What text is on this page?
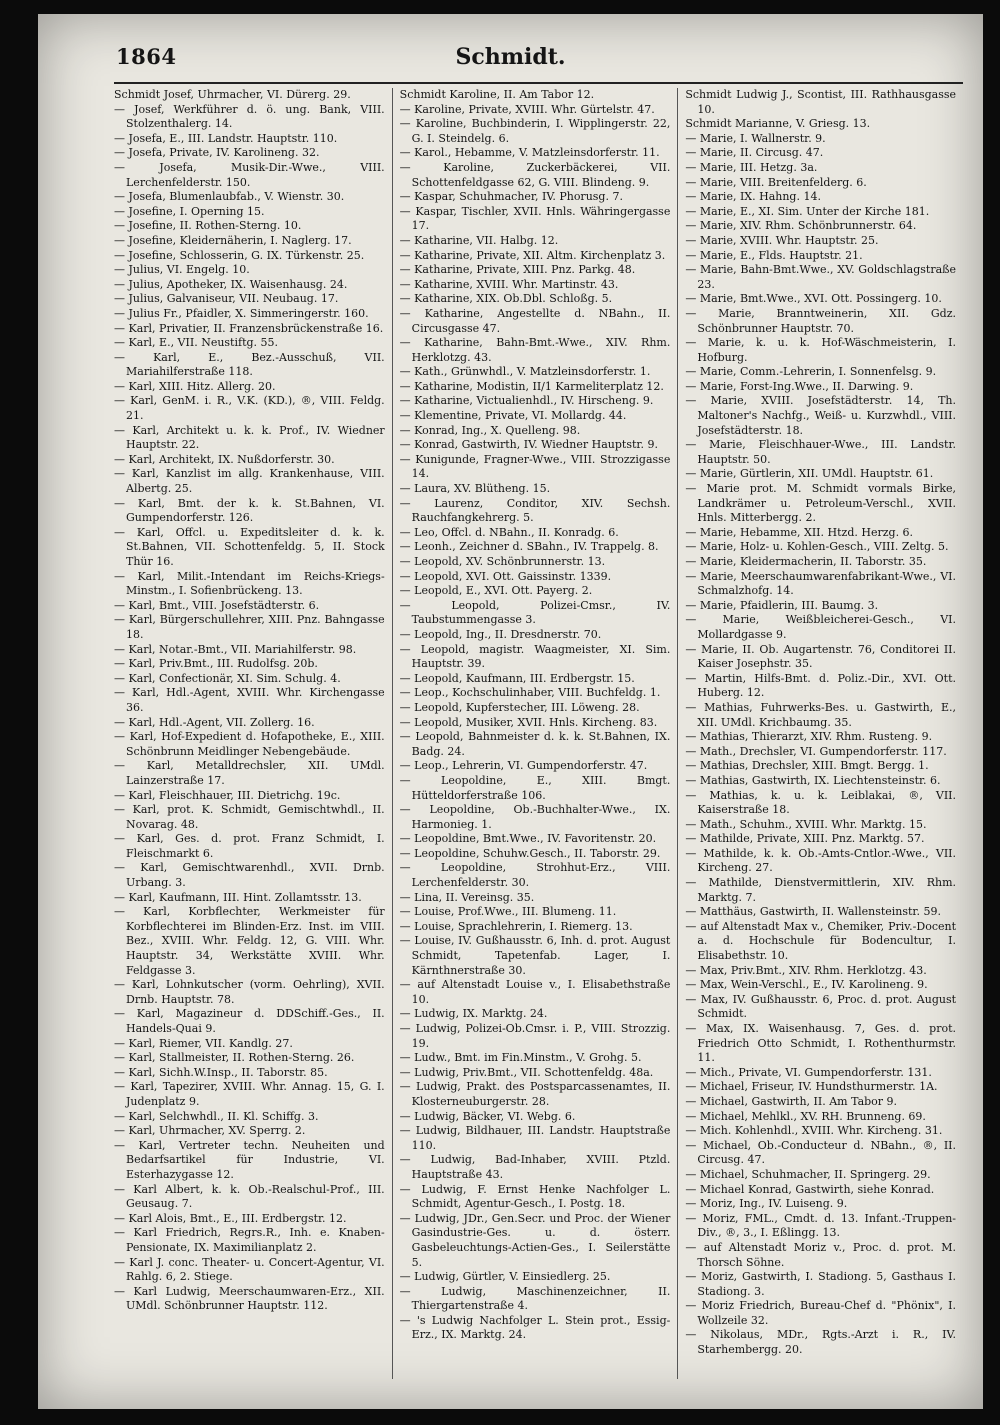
1864	Schmidt.
Schmidt Josef, Uhrmacher, VI. Dürerg. 29.
— Josef, Werkführer d. ö. ung. Bank, VIII. Stolzenthalerg. 14.
— Josefa, E., III. Landstr. Hauptstr. 110.
— Josefa, Private, IV. Karolineng. 32.
— Josefa, Musik-Dir.-Wwe., VIII. Lerchenfelderstr. 150.
— Josefa, Blumenlaubfab., V. Wienstr. 30.
— Josefine, I. Operning 15.
— Josefine, II. Rothen-Sterng. 10.
— Josefine, Kleidernäherin, I. Naglerg. 17.
— Josefine, Schlosserin, G. IX. Türkenstr. 25.
— Julius, VI. Engelg. 10.
— Julius, Apotheker, IX. Waisenhausg. 24.
— Julius, Galvaniseur, VII. Neubaug. 17.
— Julius Fr., Pfaidler, X. Simmeringerstr. 160.
— Karl, Privatier, II. Franzensbrückenstraße 16.
— Karl, E., VII. Neustiftg. 55.
— Karl, E., Bez.-Ausschuß, VII. Mariahilferstraße 118.
— Karl, XIII. Hitz. Allerg. 20.
— Karl, GenM. i. R., V.K. (KD.), ®, VIII. Feldg. 21.
— Karl, Architekt u. k. k. Prof., IV. Wiedner Hauptstr. 22.
— Karl, Architekt, IX. Nußdorferstr. 30.
— Karl, Kanzlist im allg. Krankenhause, VIII. Albertg. 25.
— Karl, Bmt. der k. k. St.Bahnen, VI. Gumpendorferstr. 126.
— Karl, Offcl. u. Expeditsleiter d. k. k. St.Bahnen, VII. Schottenfeldg. 5, II. Stock Thür 16.
— Karl, Milit.-Intendant im Reichs-Kriegs-Minstm., I. Sofienbrückeng. 13.
— Karl, Bmt., VIII. Josefstädterstr. 6.
— Karl, Bürgerschullehrer, XIII. Pnz. Bahngasse 18.
— Karl, Notar.-Bmt., VII. Mariahilferstr. 98.
— Karl, Priv.Bmt., III. Rudolfsg. 20b.
— Karl, Confectionär, XI. Sim. Schulg. 4.
— Karl, Hdl.-Agent, XVIII. Whr. Kirchengasse 36.
— Karl, Hdl.-Agent, VII. Zollerg. 16.
— Karl, Hof-Expedient d. Hofapotheke, E., XIII. Schönbrunn Meidlinger Nebengebäude.
— Karl, Metalldrechsler, XII. UMdl. Lainzerstraße 17.
— Karl, Fleischhauer, III. Dietrichg. 19c.
— Karl, prot. K. Schmidt, Gemischtwhdl., II. Novarag. 48.
— Karl, Ges. d. prot. Franz Schmidt, I. Fleischmarkt 6.
— Karl, Gemischtwarenhdl., XVII. Drnb. Urbang. 3.
— Karl, Kaufmann, III. Hint. Zollamtsstr. 13.
— Karl, Korbflechter, Werkmeister für Korbflechterei im Blinden-Erz. Inst. im VIII. Bez., XVIII. Whr. Feldg. 12, G. VIII. Whr. Hauptstr. 34, Werkstätte XVIII. Whr. Feldgasse 3.
— Karl, Lohnkutscher (vorm. Oehrling), XVII. Drnb. Hauptstr. 78.
— Karl, Magazineur d. DDSchiff.-Ges., II. Handels-Quai 9.
— Karl, Riemer, VII. Kandlg. 27.
— Karl, Stallmeister, II. Rothen-Sterng. 26.
— Karl, Sichh.W.Insp., II. Taborstr. 85.
— Karl, Tapezirer, XVIII. Whr. Annag. 15, G. I. Judenplatz 9.
— Karl, Selchwhdl., II. Kl. Schiffg. 3.
— Karl, Uhrmacher, XV. Sperrg. 2.
— Karl, Vertreter techn. Neuheiten und Bedarfsartikel für Industrie, VI. Esterhazygasse 12.
— Karl Albert, k. k. Ob.-Realschul-Prof., III. Geusaug. 7.
— Karl Alois, Bmt., E., III. Erdbergstr. 12.
— Karl Friedrich, Regrs.R., Inh. e. Knaben-Pensionate, IX. Maximilianplatz 2.
— Karl J. conc. Theater- u. Concert-Agentur, VI. Rahlg. 6, 2. Stiege.
— Karl Ludwig, Meerschaumwaren-Erz., XII. UMdl. Schönbrunner Hauptstr. 112.
Schmidt Karoline, II. Am Tabor 12.
— Karoline, Private, XVIII. Whr. Gürtelstr. 47.
— Karoline, Buchbinderin, I. Wipplingerstr. 22, G. I. Steindelg. 6.
— Karol., Hebamme, V. Matzleinsdorferstr. 11.
— Karoline, Zuckerbäckerei, VII. Schottenfeldgasse 62, G. VIII. Blindeng. 9.
— Kaspar, Schuhmacher, IV. Phorusg. 7.
— Kaspar, Tischler, XVII. Hnls. Währingergasse 17.
— Katharine, VII. Halbg. 12.
— Katharine, Private, XII. Altm. Kirchenplatz 3.
— Katharine, Private, XIII. Pnz. Parkg. 48.
— Katharine, XVIII. Whr. Martinstr. 43.
— Katharine, XIX. Ob.Dbl. Schloßg. 5.
— Katharine, Angestellte d. NBahn., II. Circusgasse 47.
— Katharine, Bahn-Bmt.-Wwe., XIV. Rhm. Herklotzg. 43.
— Kath., Grünwhdl., V. Matzleinsdorferstr. 1.
— Katharine, Modistin, II/1 Karmeliterplatz 12.
— Katharine, Victualienhdl., IV. Hirscheng. 9.
— Klementine, Private, VI. Mollardg. 44.
— Konrad, Ing., X. Quelleng. 98.
— Konrad, Gastwirth, IV. Wiedner Hauptstr. 9.
— Kunigunde, Fragner-Wwe., VIII. Strozzigasse 14.
— Laura, XV. Blütheng. 15.
— Laurenz, Conditor, XIV. Sechsh. Rauchfangkehrerg. 5.
— Leo, Offcl. d. NBahn., II. Konradg. 6.
— Leonh., Zeichner d. SBahn., IV. Trappelg. 8.
— Leopold, XV. Schönbrunnerstr. 13.
— Leopold, XVI. Ott. Gaissinstr. 1339.
— Leopold, E., XVI. Ott. Payerg. 2.
— Leopold, Polizei-Cmsr., IV. Taubstummengasse 3.
— Leopold, Ing., II. Dresdnerstr. 70.
— Leopold, magistr. Waagmeister, XI. Sim. Hauptstr. 39.
— Leopold, Kaufmann, III. Erdbergstr. 15.
— Leop., Kochschulinhaber, VIII. Buchfeldg. 1.
— Leopold, Kupferstecher, III. Löweng. 28.
— Leopold, Musiker, XVII. Hnls. Kircheng. 83.
— Leopold, Bahnmeister d. k. k. St.Bahnen, IX. Badg. 24.
— Leop., Lehrerin, VI. Gumpendorferstr. 47.
— Leopoldine, E., XIII. Bmgt. Hütteldorferstraße 106.
— Leopoldine, Ob.-Buchhalter-Wwe., IX. Harmonieg. 1.
— Leopoldine, Bmt.Wwe., IV. Favoritenstr. 20.
— Leopoldine, Schuhw.Gesch., II. Taborstr. 29.
— Leopoldine, Strohhut-Erz., VIII. Lerchenfelderstr. 30.
— Lina, II. Vereinsg. 35.
— Louise, Prof.Wwe., III. Blumeng. 11.
— Louise, Sprachlehrerin, I. Riemerg. 13.
— Louise, IV. Gußhausstr. 6, Inh. d. prot. August Schmidt, Tapetenfab. Lager, I. Kärnthnerstraße 30.
— auf Altenstadt Louise v., I. Elisabethstraße 10.
— Ludwig, IX. Marktg. 24.
— Ludwig, Polizei-Ob.Cmsr. i. P., VIII. Strozzig. 19.
— Ludw., Bmt. im Fin.Minstm., V. Grohg. 5.
— Ludwig, Priv.Bmt., VII. Schottenfeldg. 48a.
— Ludwig, Prakt. des Postsparcassenamtes, II. Klosterneuburgerstr. 28.
— Ludwig, Bäcker, VI. Webg. 6.
— Ludwig, Bildhauer, III. Landstr. Hauptstraße 110.
— Ludwig, Bad-Inhaber, XVIII. Ptzld. Hauptstraße 43.
— Ludwig, F. Ernst Henke Nachfolger L. Schmidt, Agentur-Gesch., I. Postg. 18.
— Ludwig, JDr., Gen.Secr. und Proc. der Wiener Gasindustrie-Ges. u. d. österr. Gasbeleuchtungs-Actien-Ges., I. Seilerstätte 5.
— Ludwig, Gürtler, V. Einsiedlerg. 25.
— Ludwig, Maschinenzeichner, II. Thiergartenstraße 4.
— 's Ludwig Nachfolger L. Stein prot., Essig-Erz., IX. Marktg. 24.
Schmidt Ludwig J., Scontist, III. Rathhausgasse 10.
Schmidt Marianne, V. Griesg. 13.
— Marie, I. Wallnerstr. 9.
— Marie, II. Circusg. 47.
— Marie, III. Hetzg. 3a.
— Marie, VIII. Breitenfelderg. 6.
— Marie, IX. Hahng. 14.
— Marie, E., XI. Sim. Unter der Kirche 181.
— Marie, XIV. Rhm. Schönbrunnerstr. 64.
— Marie, XVIII. Whr. Hauptstr. 25.
— Marie, E., Flds. Hauptstr. 21.
— Marie, Bahn-Bmt.Wwe., XV. Goldschlagstraße 23.
— Marie, Bmt.Wwe., XVI. Ott. Possingerg. 10.
— Marie, Branntweinerin, XII. Gdz. Schönbrunner Hauptstr. 70.
— Marie, k. u. k. Hof-Wäschmeisterin, I. Hofburg.
— Marie, Comm.-Lehrerin, I. Sonnenfelsg. 9.
— Marie, Forst-Ing.Wwe., II. Darwing. 9.
— Marie, XVIII. Josefstädterstr. 14, Th. Maltoner's Nachfg., Weiß- u. Kurzwhdl., VIII. Josefstädterstr. 18.
— Marie, Fleischhauer-Wwe., III. Landstr. Hauptstr. 50.
— Marie, Gürtlerin, XII. UMdl. Hauptstr. 61.
— Marie prot. M. Schmidt vormals Birke, Landkrämer u. Petroleum-Verschl., XVII. Hnls. Mitterbergg. 2.
— Marie, Hebamme, XII. Htzd. Herzg. 6.
— Marie, Holz- u. Kohlen-Gesch., VIII. Zeltg. 5.
— Marie, Kleidermacherin, II. Taborstr. 35.
— Marie, Meerschaumwarenfabrikant-Wwe., VI. Schmalzhofg. 14.
— Marie, Pfaidlerin, III. Baumg. 3.
— Marie, Weißbleicherei-Gesch., VI. Mollardgasse 9.
— Marie, II. Ob. Augartenstr. 76, Conditorei II. Kaiser Josephstr. 35.
— Martin, Hilfs-Bmt. d. Poliz.-Dir., XVI. Ott. Huberg. 12.
— Mathias, Fuhrwerks-Bes. u. Gastwirth, E., XII. UMdl. Krichbaumg. 35.
— Mathias, Thierarzt, XIV. Rhm. Rusteng. 9.
— Math., Drechsler, VI. Gumpendorferstr. 117.
— Mathias, Drechsler, XIII. Bmgt. Bergg. 1.
— Mathias, Gastwirth, IX. Liechtensteinstr. 6.
— Mathias, k. u. k. Leiblakai, ®, VII. Kaiserstraße 18.
— Math., Schuhm., XVIII. Whr. Marktg. 15.
— Mathilde, Private, XIII. Pnz. Marktg. 57.
— Mathilde, k. k. Ob.-Amts-Cntlor.-Wwe., VII. Kircheng. 27.
— Mathilde, Dienstvermittlerin, XIV. Rhm. Marktg. 7.
— Matthäus, Gastwirth, II. Wallensteinstr. 59.
— auf Altenstadt Max v., Chemiker, Priv.-Docent a. d. Hochschule für Bodencultur, I. Elisabethstr. 10.
— Max, Priv.Bmt., XIV. Rhm. Herklotzg. 43.
— Max, Wein-Verschl., E., IV. Karolineng. 9.
— Max, IV. Gußhausstr. 6, Proc. d. prot. August Schmidt.
— Max, IX. Waisenhausg. 7, Ges. d. prot. Friedrich Otto Schmidt, I. Rothenthurmstr. 11.
— Mich., Private, VI. Gumpendorferstr. 131.
— Michael, Friseur, IV. Hundsthurmerstr. 1A.
— Michael, Gastwirth, II. Am Tabor 9.
— Michael, Mehlkl., XV. RH. Brunneng. 69.
— Mich. Kohlenhdl., XVIII. Whr. Kircheng. 31.
— Michael, Ob.-Conducteur d. NBahn., ®, II. Circusg. 47.
— Michael, Schuhmacher, II. Springerg. 29.
— Michael Konrad, Gastwirth, siehe Konrad.
— Moriz, Ing., IV. Luiseng. 9.
— Moriz, FML., Cmdt. d. 13. Infant.-Truppen-Div., ®, 3., I. Eßlingg. 13.
— auf Altenstadt Moriz v., Proc. d. prot. M. Thorsch Söhne.
— Moriz, Gastwirth, I. Stadiong. 5, Gasthaus I. Stadiong. 3.
— Moriz Friedrich, Bureau-Chef d. "Phönix", I. Wollzeile 32.
— Nikolaus, MDr., Rgts.-Arzt i. R., IV. Starhembergg. 20.
